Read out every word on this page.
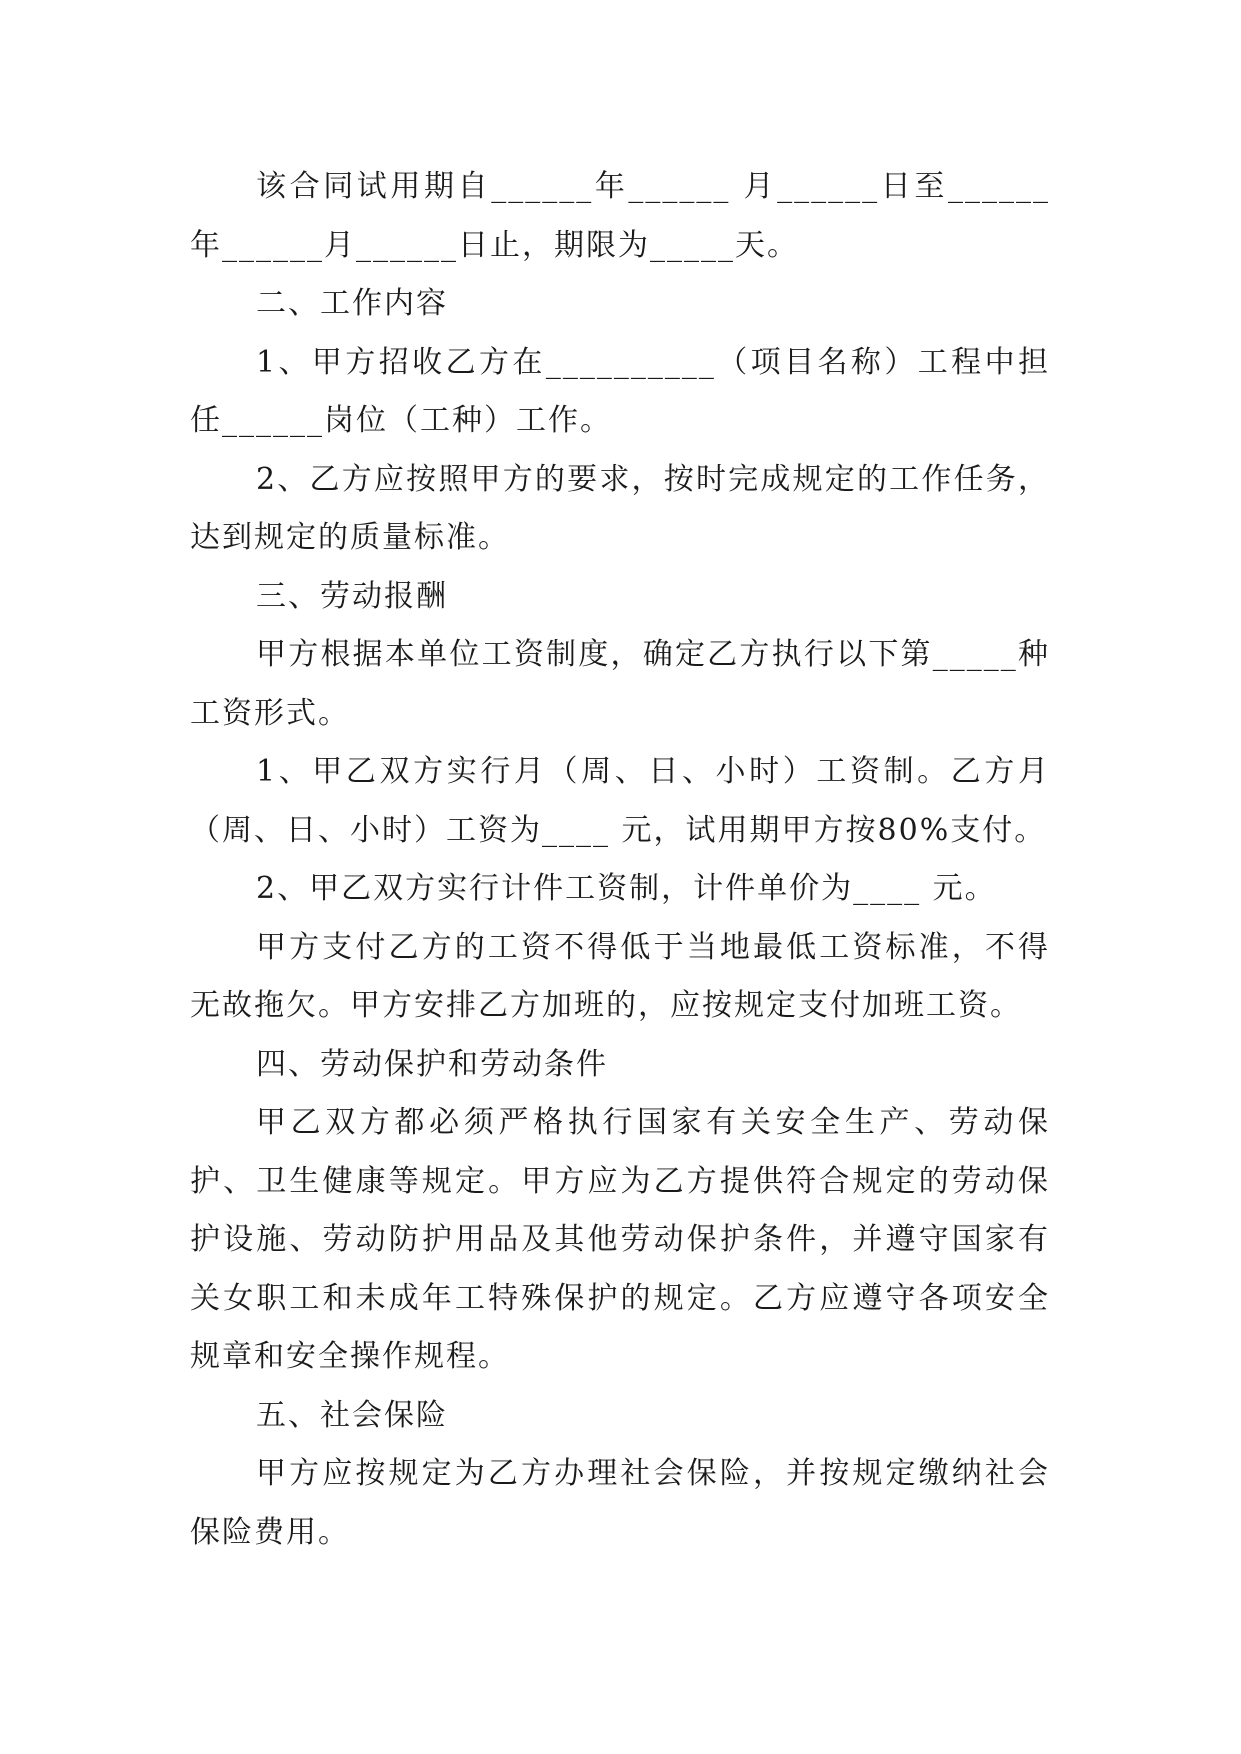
该合同试用期自______年______ 月______日至______年______月______日止，期限为_____天。

二、工作内容

1、甲方招收乙方在__________（项目名称）工程中担任______岗位（工种）工作。

2、乙方应按照甲方的要求，按时完成规定的工作任务，达到规定的质量标准。

三、劳动报酬

甲方根据本单位工资制度，确定乙方执行以下第_____种工资形式。

1、甲乙双方实行月（周、日、小时）工资制。乙方月（周、日、小时）工资为____ 元，试用期甲方按80%支付。

2、甲乙双方实行计件工资制，计件单价为____ 元。

甲方支付乙方的工资不得低于当地最低工资标准，不得无故拖欠。甲方安排乙方加班的，应按规定支付加班工资。

四、劳动保护和劳动条件

甲乙双方都必须严格执行国家有关安全生产、劳动保护、卫生健康等规定。甲方应为乙方提供符合规定的劳动保护设施、劳动防护用品及其他劳动保护条件，并遵守国家有关女职工和未成年工特殊保护的规定。乙方应遵守各项安全规章和安全操作规程。

五、社会保险

甲方应按规定为乙方办理社会保险，并按规定缴纳社会保险费用。
